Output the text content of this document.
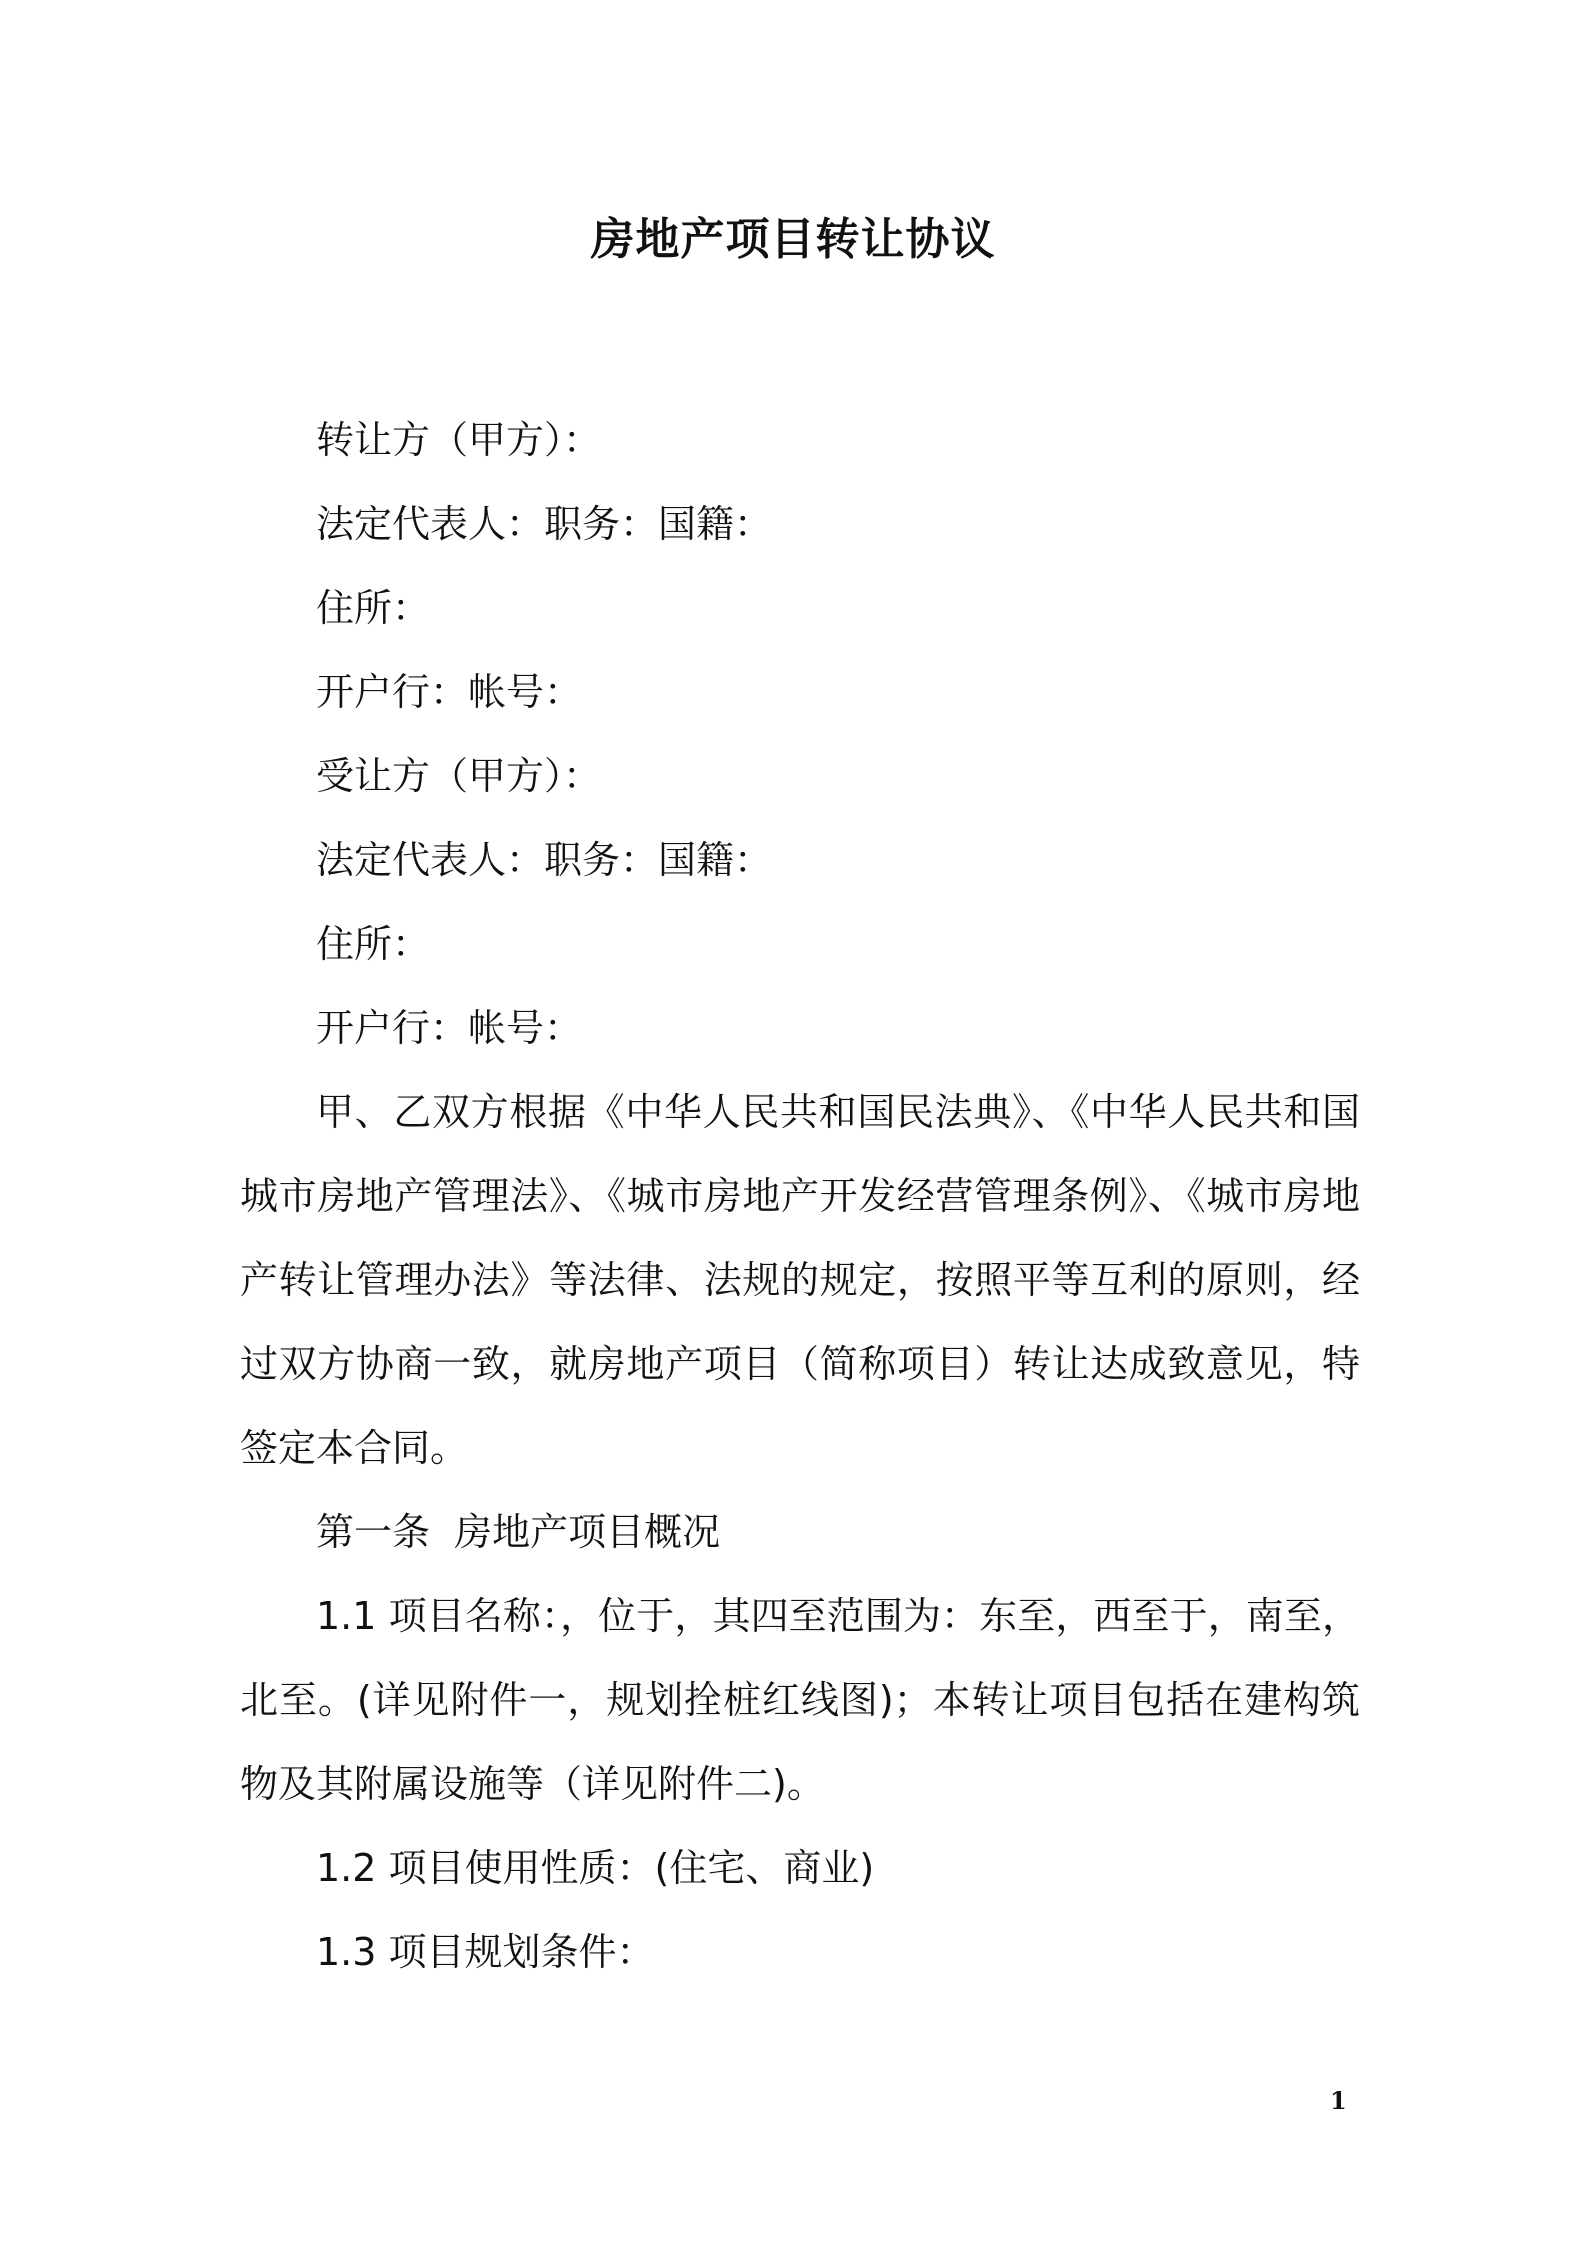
房地产项目转让协议

转让方（甲方）：

法定代表人：职务：国籍：

住所：

开户行：帐号：

受让方（甲方）：

法定代表人：职务：国籍：

住所：

开户行：帐号：

甲、乙双方根据《中华人民共和国民法典》、《中华人民共和国城市房地产管理法》、《城市房地产开发经营管理条例》、《城市房地产转让管理办法》等法律、法规的规定，按照平等互利的原则，经过双方协商一致，就房地产项目（简称项目）转让达成致意见，特签定本合同。

第一条  房地产项目概况

1.1 项目名称：，位于，其四至范围为：东至，西至于，南至，北至。(详见附件一，规划拴桩红线图)；本转让项目包括在建构筑物及其附属设施等（详见附件二)。

1.2 项目使用性质：(住宅、商业)

1.3 项目规划条件：

1
